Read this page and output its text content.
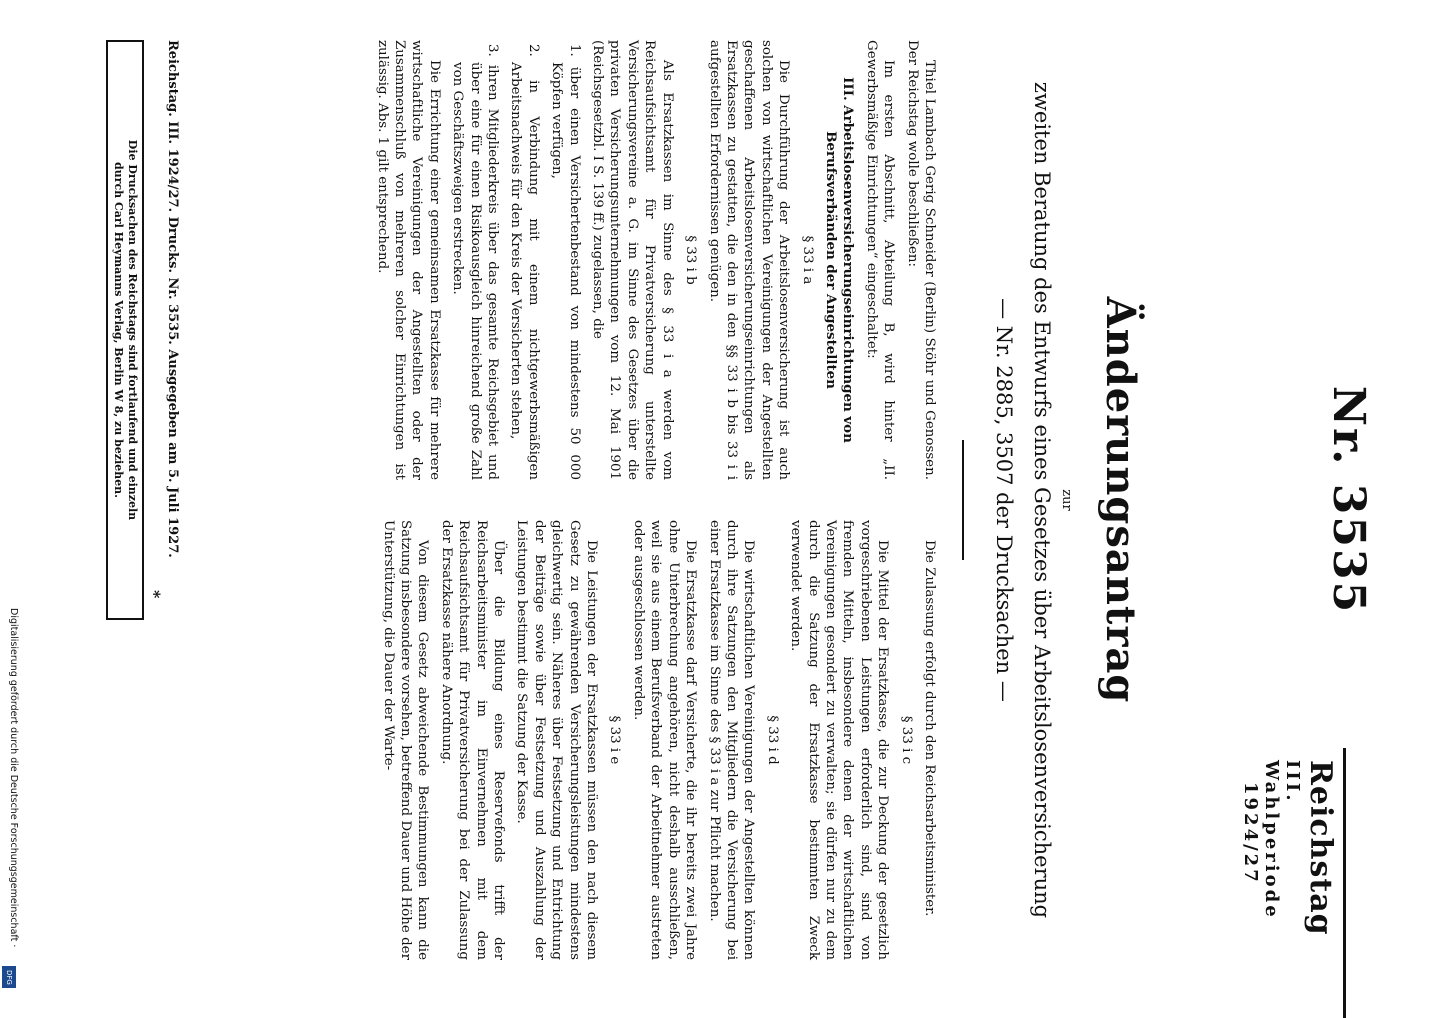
Reichstag
III. Wahlperiode
1924/27
Nr. 3535
Änderungsantrag
zur
zweiten Beratung des Entwurfs eines Gesetzes über Arbeitslosenversicherung
— Nr. 2885, 3507 der Drucksachen —

Thiel Lambach Gerig Schneider (Berlin) Stöhr und Genossen. Der Reichstag wolle beschließen:

Im ersten Abschnitt, Abteilung B, wird hinter „II. Gewerbsmäßige Einrichtungen“ eingeschaltet:

III. Arbeitslosenversicherungseinrichtungen von Berufsverbänden der Angestellten

§ 33 i a

Die Durchführung der Arbeitslosenversicherung ist auch solchen von wirtschaftlichen Vereinigungen der Angestellten geschaffenen Arbeitslosenversicherungseinrichtungen als Ersatzkassen zu gestatten, die den in den §§ 33 i b bis 33 i i aufgestellten Erfordernissen genügen.

§ 33 i b

Als Ersatzkassen im Sinne des § 33 i a werden vom Reichsaufsichtsamt für Privatversicherung unterstellte Versicherungsvereine a. G. im Sinne des Gesetzes über die privaten Versicherungsunternehmungen vom 12. Mai 1901 (Reichsgesetzbl. I S. 139 ff.) zugelassen, die

1. über einen Versichertenbestand von mindestens 50 000 Köpfen verfügen,

2. in Verbindung mit einem nichtgewerbsmäßigen Arbeitsnachweis für den Kreis der Versicherten stehen,

3. ihren Mitgliederkreis über das gesamte Reichsgebiet und über eine für einen Risikoausgleich hinreichend große Zahl von Geschäftszweigen erstrecken.

Die Errichtung einer gemeinsamen Ersatzkasse für mehrere wirtschaftliche Vereinigungen der Angestellten oder der Zusammenschluß von mehreren solcher Einrichtungen ist zulässig. Abs. 1 gilt entsprechend.

Die Zulassung erfolgt durch den Reichsarbeitsminister.

§ 33 i c

Die Mittel der Ersatzkasse, die zur Deckung der gesetzlich vorgeschriebenen Leistungen erforderlich sind, sind von fremden Mitteln, insbesondere denen der wirtschaftlichen Vereinigungen gesondert zu verwalten; sie dürfen nur zu dem durch die Satzung der Ersatzkasse bestimmten Zweck verwendet werden.

§ 33 i d

Die wirtschaftlichen Vereinigungen der Angestellten können durch ihre Satzungen den Mitgliedern die Versicherung bei einer Ersatzkasse im Sinne des § 33 i a zur Pflicht machen.

Die Ersatzkasse darf Versicherte, die ihr bereits zwei Jahre ohne Unterbrechung angehören, nicht deshalb ausschließen, weil sie aus einem Berufsverband der Arbeitnehmer austreten oder ausgeschlossen werden.

§ 33 i e

Die Leistungen der Ersatzkassen müssen den nach diesem Gesetz zu gewährenden Versicherungsleistungen mindestens gleichwertig sein. Näheres über Festsetzung und Entrichtung der Beiträge sowie über Festsetzung und Auszahlung der Leistungen bestimmt die Satzung der Kasse.

Über die Bildung eines Reservefonds trifft der Reichsarbeitsminister im Einvernehmen mit dem Reichsaufsichtsamt für Privatversicherung bei der Zulassung der Ersatzkasse nähere Anordnung.

Von diesem Gesetz abweichende Bestimmungen kann die Satzung insbesondere vorsehen, betreffend Dauer und Höhe der Unterstützung, die Dauer der Warte-

Reichstag. III. 1924/27. Drucks. Nr. 3535. Ausgegeben am 5. Juli 1927.
Die Drucksachen des Reichstags sind fortlaufend und einzeln
durch Carl Heymanns Verlag, Berlin W 8, zu beziehen.
*
Digitalisierung gefördert durch die Deutsche Forschungsgemeinschaft ·
DFG
